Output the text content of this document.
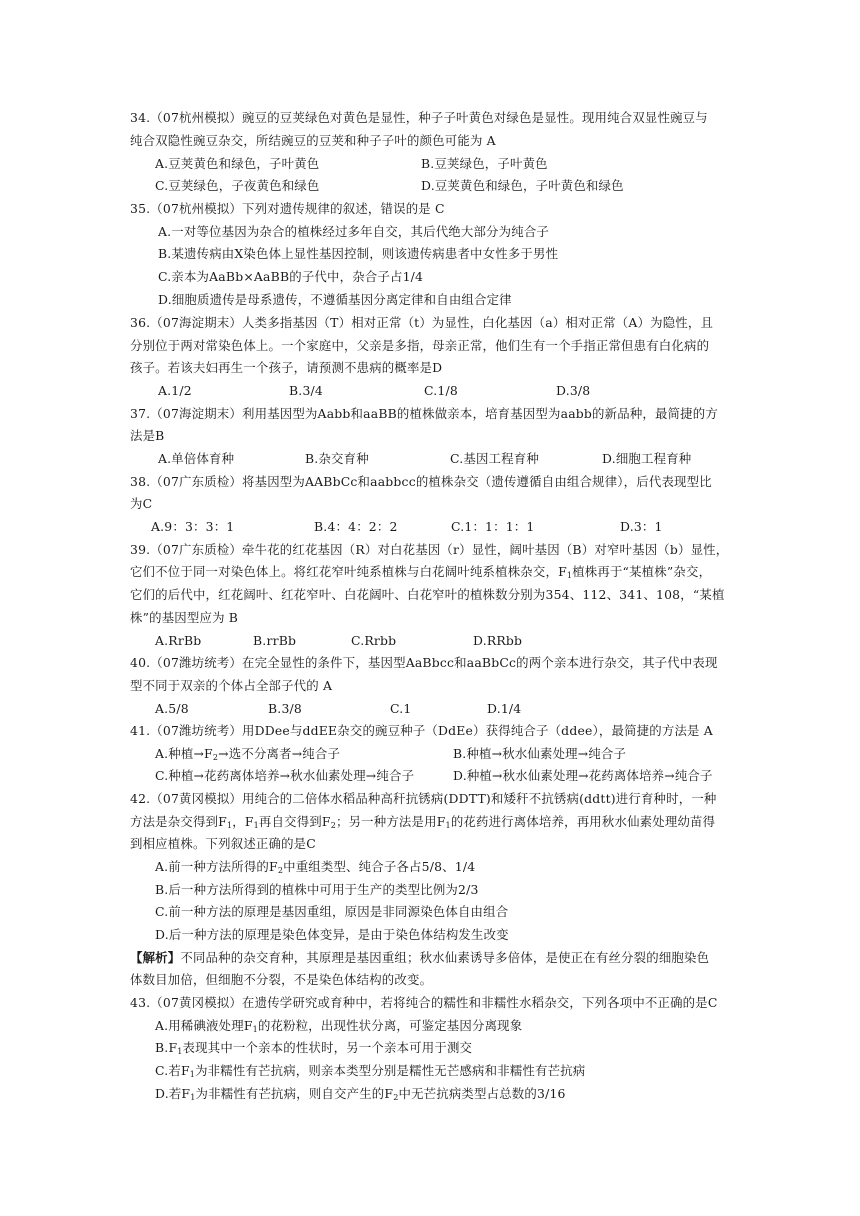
34.（07杭州模拟）豌豆的豆荚绿色对黄色是显性，种子子叶黄色对绿色是显性。现用纯合双显性豌豆与
纯合双隐性豌豆杂交，所结豌豆的豆荚和种子子叶的颜色可能为 A
A.豆荚黄色和绿色，子叶黄色	B.豆荚绿色，子叶黄色
C.豆荚绿色，子夜黄色和绿色	D.豆荚黄色和绿色，子叶黄色和绿色
35.（07杭州模拟）下列对遗传规律的叙述，错误的是 C
A.一对等位基因为杂合的植株经过多年自交，其后代绝大部分为纯合子
B.某遗传病由X染色体上显性基因控制，则该遗传病患者中女性多于男性
C.亲本为AaBb×AaBB的子代中，杂合子占1/4
D.细胞质遗传是母系遗传，不遵循基因分离定律和自由组合定律
36.（07海淀期末）人类多指基因（T）相对正常（t）为显性，白化基因（a）相对正常（A）为隐性，且
分别位于两对常染色体上。一个家庭中，父亲是多指，母亲正常，他们生有一个手指正常但患有白化病的
孩子。若该夫妇再生一个孩子，请预测不患病的概率是D
A.1/2	B.3/4	C.1/8	D.3/8
37.（07海淀期末）利用基因型为Aabb和aaBB的植株做亲本，培育基因型为aabb的新品种，最简捷的方
法是B
A.单倍体育种	B.杂交育种	C.基因工程育种	D.细胞工程育种
38.（07广东质检）将基因型为AABbCc和aabbcc的植株杂交（遗传遵循自由组合规律），后代表现型比
为C
A.9：3：3：1	B.4：4：2：2	C.1：1：1：1	D.3：1
39.（07广东质检）牵牛花的红花基因（R）对白花基因（r）显性，阔叶基因（B）对窄叶基因（b）显性，
它们不位于同一对染色体上。将红花窄叶纯系植株与白花阔叶纯系植株杂交，$F_1$植株再于“某植株”杂交，
它们的后代中，红花阔叶、红花窄叶、白花阔叶、白花窄叶的植株数分别为354、112、341、108，“某植
株”的基因型应为 B
A.RrBb	B.rrBb	C.Rrbb	D.RRbb
40.（07潍坊统考）在完全显性的条件下，基因型AaBbcc和aaBbCc的两个亲本进行杂交，其子代中表现
型不同于双亲的个体占全部子代的 A
A.5/8	B.3/8	C.1	D.1/4
41.（07潍坊统考）用DDee与ddEE杂交的豌豆种子（DdEe）获得纯合子（ddee），最简捷的方法是 A
A.种植$\to F_2\to$选不分离者→纯合子	B.种植→秋水仙素处理→纯合子
C.种植→花药离体培养→秋水仙素处理→纯合子	D.种植→秋水仙素处理→花药离体培养→纯合子
42.（07黄冈模拟）用纯合的二倍体水稻品种高秆抗锈病(DDTT)和矮秆不抗锈病(ddtt)进行育种时，一种
方法是杂交得到$F_1$，$F_1$再自交得到$F_2$；另一种方法是用$F_1$的花药进行离体培养，再用秋水仙素处理幼苗得
到相应植株。下列叙述正确的是C
A.前一种方法所得的$F_2$中重组类型、纯合子各占5/8、1/4
B.后一种方法所得到的植株中可用于生产的类型比例为2/3
C.前一种方法的原理是基因重组，原因是非同源染色体自由组合
D.后一种方法的原理是染色体变异，是由于染色体结构发生改变
【解析】不同品种的杂交育种，其原理是基因重组；秋水仙素诱导多倍体，是使正在有丝分裂的细胞染色
体数目加倍，但细胞不分裂，不是染色体结构的改变。
43.（07黄冈模拟）在遗传学研究或育种中，若将纯合的糯性和非糯性水稻杂交，下列各项中不正确的是C
A.用稀碘液处理$F_1$的花粉粒，出现性状分离，可鉴定基因分离现象
$B.F_1$表现其中一个亲本的性状时，另一个亲本可用于测交
C.若$F_1$为非糯性有芒抗病，则亲本类型分别是糯性无芒感病和非糯性有芒抗病
D.若$F_1$为非糯性有芒抗病，则自交产生的$F_2$中无芒抗病类型占总数的3/16
